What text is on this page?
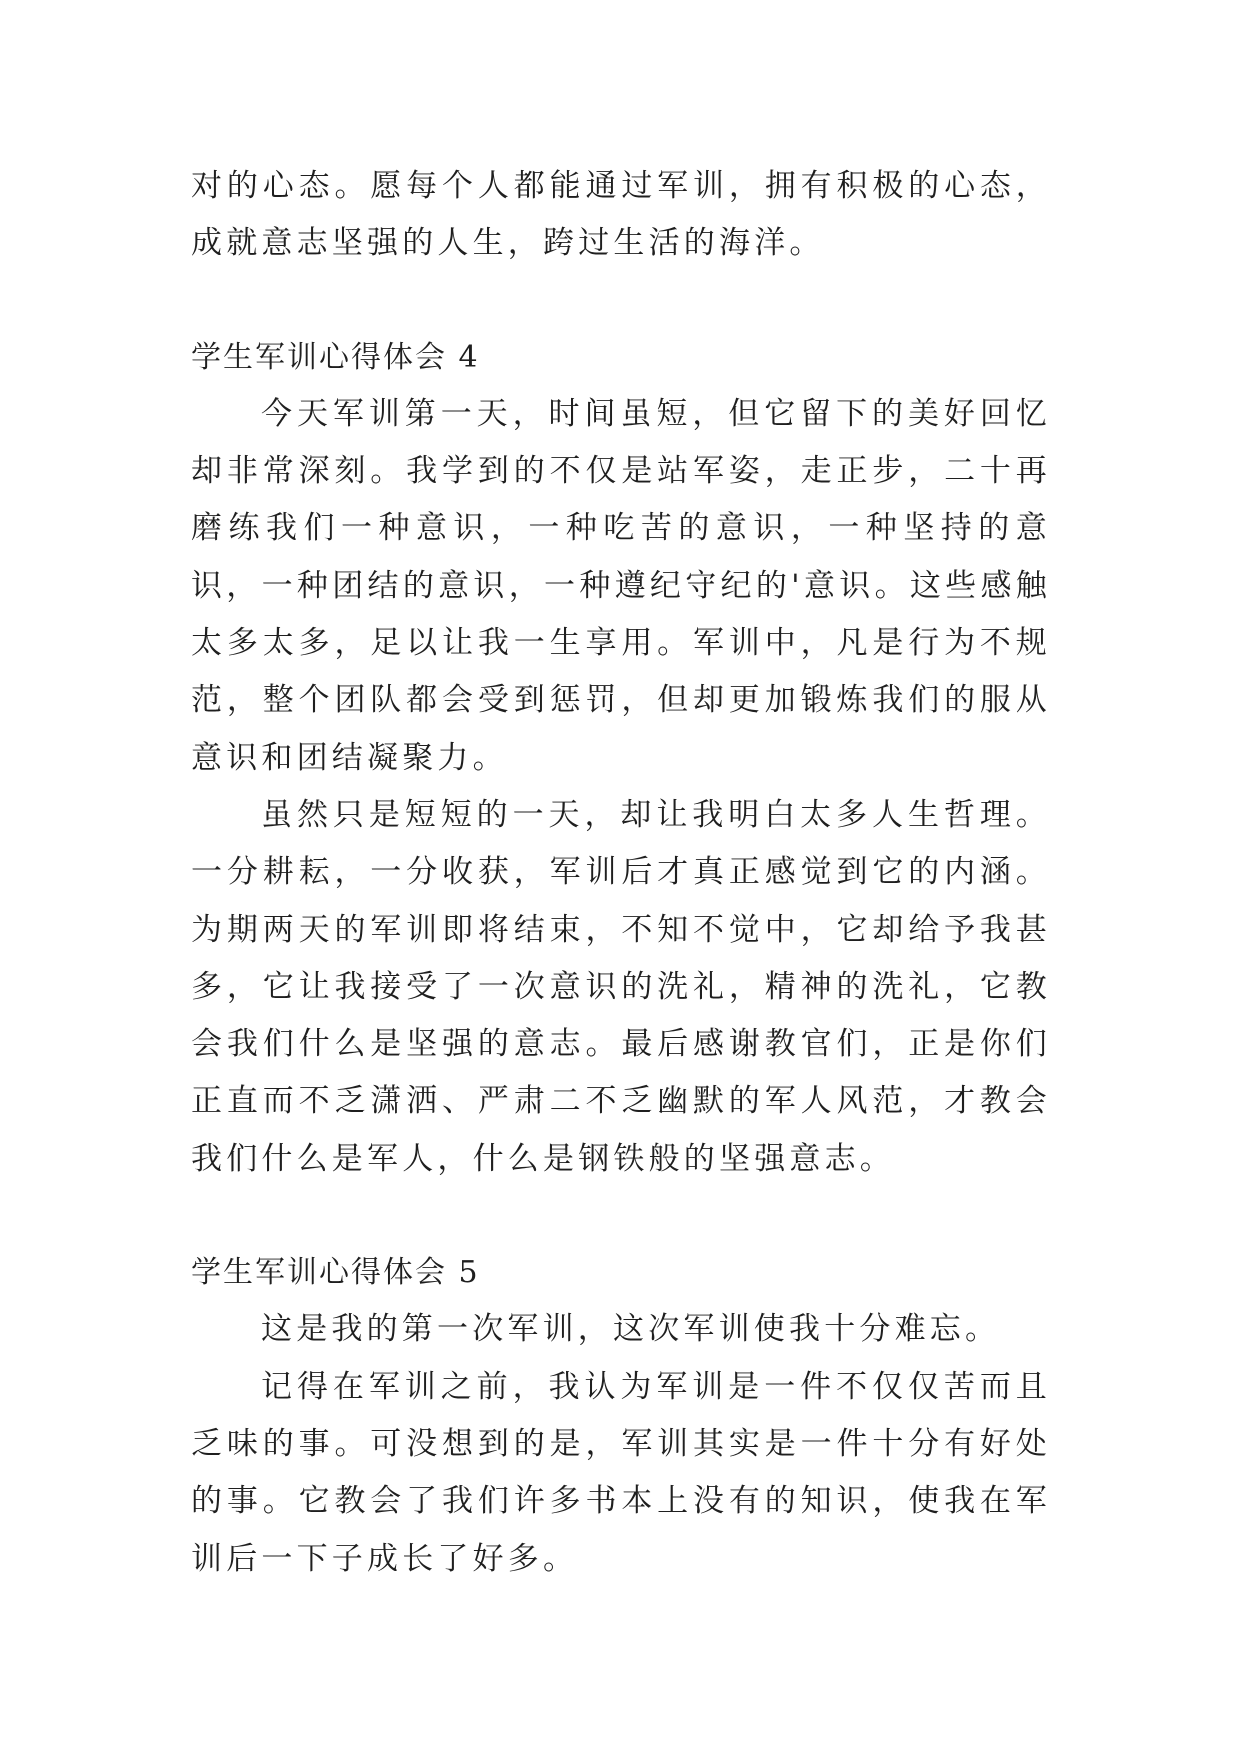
对的心态。愿每个人都能通过军训，拥有积极的心态，成就意志坚强的人生，跨过生活的海洋。

学生军训心得体会 4

今天军训第一天，时间虽短，但它留下的美好回忆却非常深刻。我学到的不仅是站军姿，走正步，二十再磨练我们一种意识，一种吃苦的意识，一种坚持的意识，一种团结的意识，一种遵纪守纪的'意识。这些感触太多太多，足以让我一生享用。军训中，凡是行为不规范，整个团队都会受到惩罚，但却更加锻炼我们的服从意识和团结凝聚力。

虽然只是短短的一天，却让我明白太多人生哲理。一分耕耘，一分收获，军训后才真正感觉到它的内涵。为期两天的军训即将结束，不知不觉中，它却给予我甚多，它让我接受了一次意识的洗礼，精神的洗礼，它教会我们什么是坚强的意志。最后感谢教官们，正是你们正直而不乏潇洒、严肃二不乏幽默的军人风范，才教会我们什么是军人，什么是钢铁般的坚强意志。

学生军训心得体会 5

这是我的第一次军训，这次军训使我十分难忘。

记得在军训之前，我认为军训是一件不仅仅苦而且乏味的事。可没想到的是，军训其实是一件十分有好处的事。它教会了我们许多书本上没有的知识，使我在军训后一下子成长了好多。
